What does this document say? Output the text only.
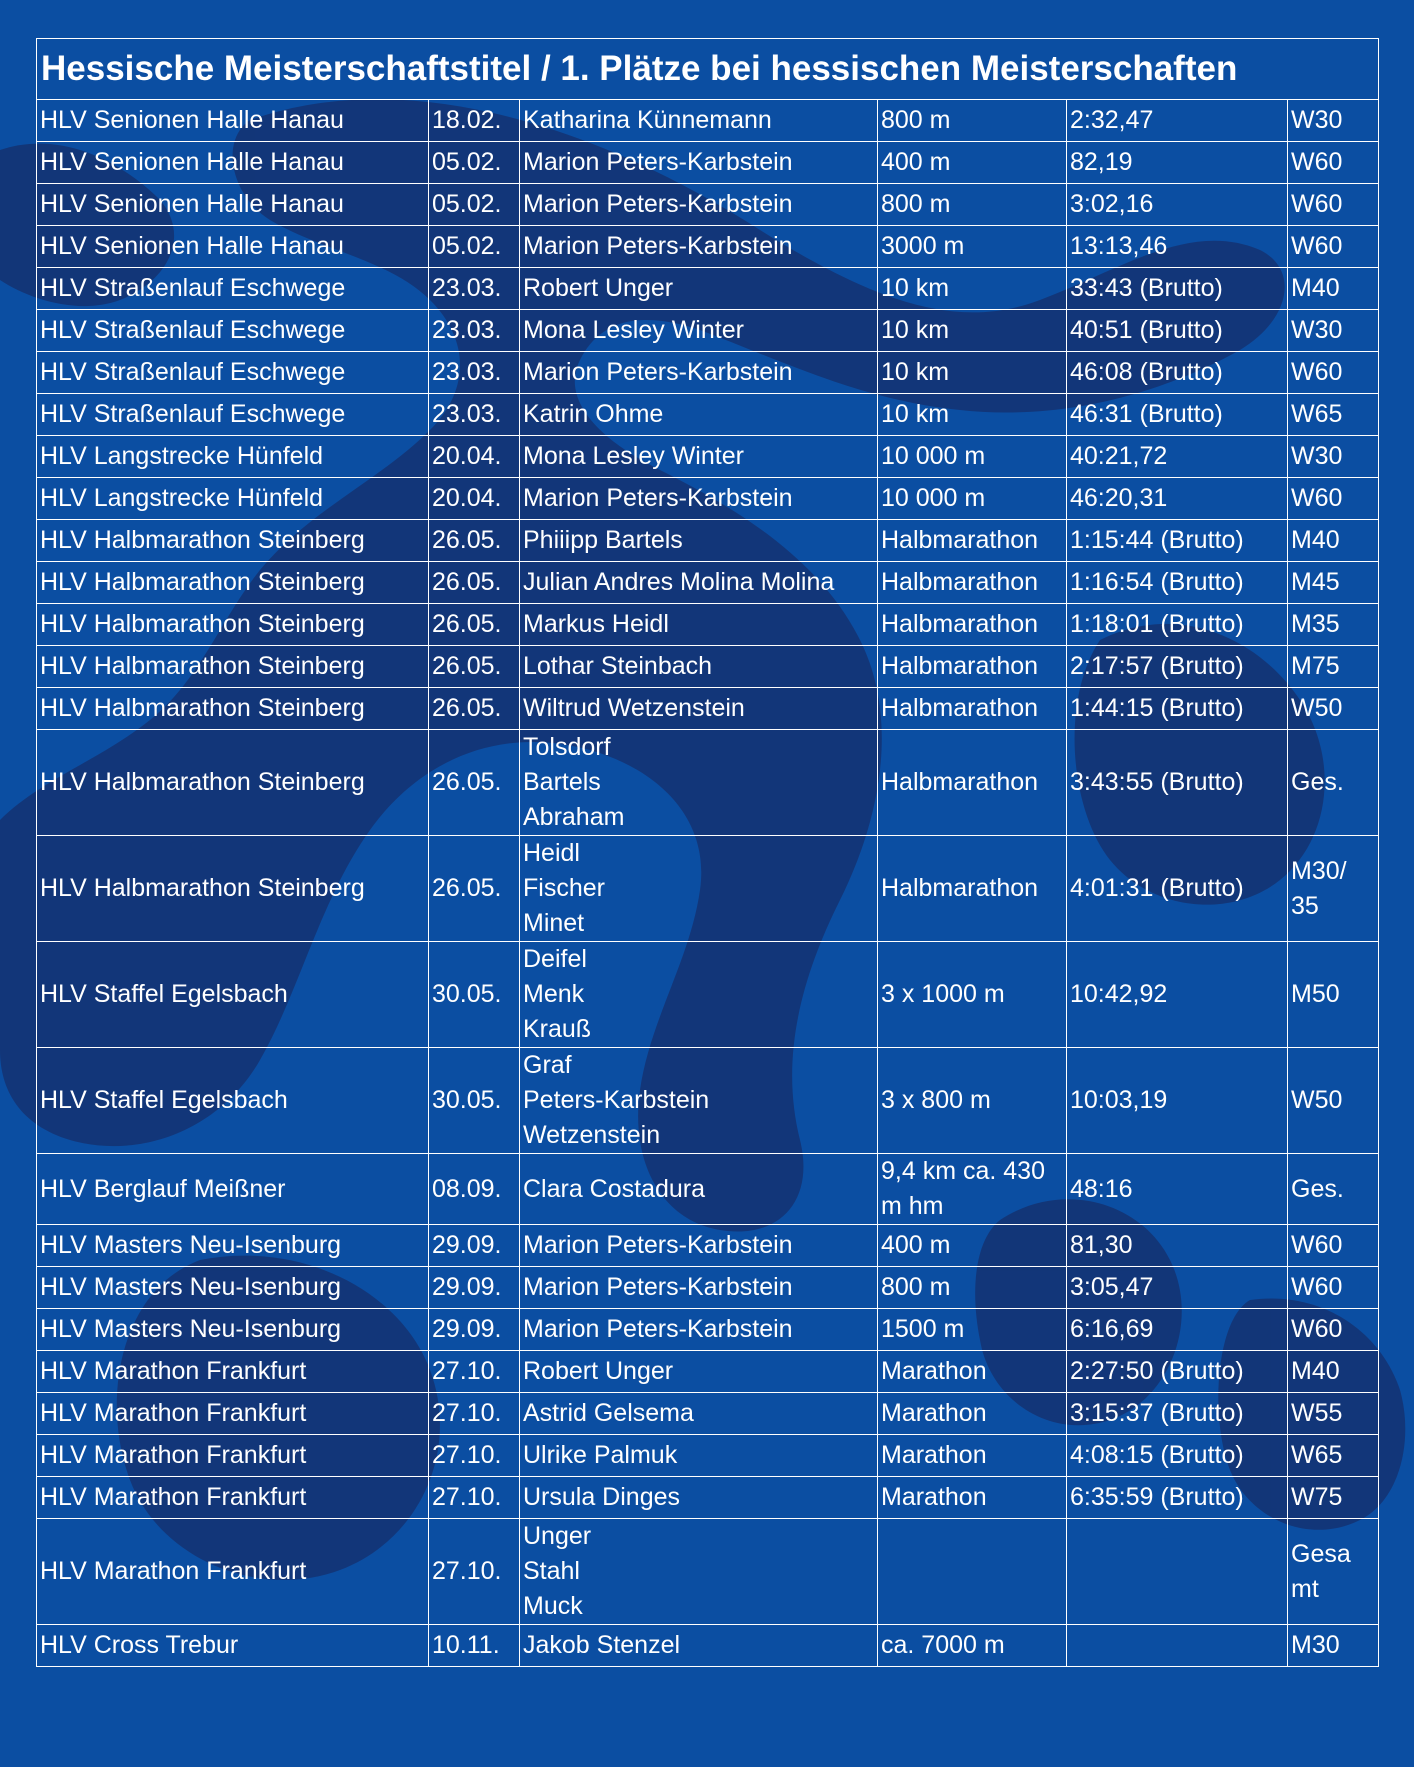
Hessische Meisterschaftstitel / 1. Plätze bei hessischen Meisterschaften					
HLV Senionen Halle Hanau	18.02.	Katharina Künnemann	800 m	2:32,47	W30
HLV Senionen Halle Hanau	05.02.	Marion Peters-Karbstein	400 m	82,19	W60
HLV Senionen Halle Hanau	05.02.	Marion Peters-Karbstein	800 m	3:02,16	W60
HLV Senionen Halle Hanau	05.02.	Marion Peters-Karbstein	3000 m	13:13,46	W60
HLV Straßenlauf Eschwege	23.03.	Robert Unger	10 km	33:43 (Brutto)	M40
HLV Straßenlauf Eschwege	23.03.	Mona Lesley Winter	10 km	40:51 (Brutto)	W30
HLV Straßenlauf Eschwege	23.03.	Marion Peters-Karbstein	10 km	46:08 (Brutto)	W60
HLV Straßenlauf Eschwege	23.03.	Katrin Ohme	10 km	46:31 (Brutto)	W65
HLV Langstrecke Hünfeld	20.04.	Mona Lesley Winter	10 000 m	40:21,72	W30
HLV Langstrecke Hünfeld	20.04.	Marion Peters-Karbstein	10 000 m	46:20,31	W60
HLV Halbmarathon Steinberg	26.05.	Phiiipp Bartels	Halbmarathon	1:15:44 (Brutto)	M40
HLV Halbmarathon Steinberg	26.05.	Julian Andres Molina Molina	Halbmarathon	1:16:54 (Brutto)	M45
HLV Halbmarathon Steinberg	26.05.	Markus Heidl	Halbmarathon	1:18:01 (Brutto)	M35
HLV Halbmarathon Steinberg	26.05.	Lothar Steinbach	Halbmarathon	2:17:57 (Brutto)	M75
HLV Halbmarathon Steinberg	26.05.	Wiltrud Wetzenstein	Halbmarathon	1:44:15 (Brutto)	W50
HLV Halbmarathon Steinberg	26.05.	Tolsdorf
Bartels
Abraham	Halbmarathon	3:43:55 (Brutto)	Ges.
HLV Halbmarathon Steinberg	26.05.	Heidl
Fischer
Minet	Halbmarathon	4:01:31 (Brutto)	M30/ 35
HLV Staffel Egelsbach	30.05.	Deifel
Menk
Krauß	3 x 1000 m	10:42,92	M50
HLV Staffel Egelsbach	30.05.	Graf
Peters-Karbstein
Wetzenstein	3 x 800 m	10:03,19	W50
HLV Berglauf Meißner	08.09.	Clara Costadura	9,4 km ca. 430 m hm	48:16	Ges.
HLV Masters Neu-Isenburg	29.09.	Marion Peters-Karbstein	400 m	81,30	W60
HLV Masters Neu-Isenburg	29.09.	Marion Peters-Karbstein	800 m	3:05,47	W60
HLV Masters Neu-Isenburg	29.09.	Marion Peters-Karbstein	1500 m	6:16,69	W60
HLV Marathon Frankfurt	27.10.	Robert Unger	Marathon	2:27:50 (Brutto)	M40
HLV Marathon Frankfurt	27.10.	Astrid Gelsema	Marathon	3:15:37 (Brutto)	W55
HLV Marathon Frankfurt	27.10.	Ulrike Palmuk	Marathon	4:08:15 (Brutto)	W65
HLV Marathon Frankfurt	27.10.	Ursula Dinges	Marathon	6:35:59 (Brutto)	W75
HLV Marathon Frankfurt	27.10.	Unger
Stahl
Muck			Gesa mt
HLV Cross Trebur	10.11.	Jakob Stenzel	ca. 7000 m		M30
